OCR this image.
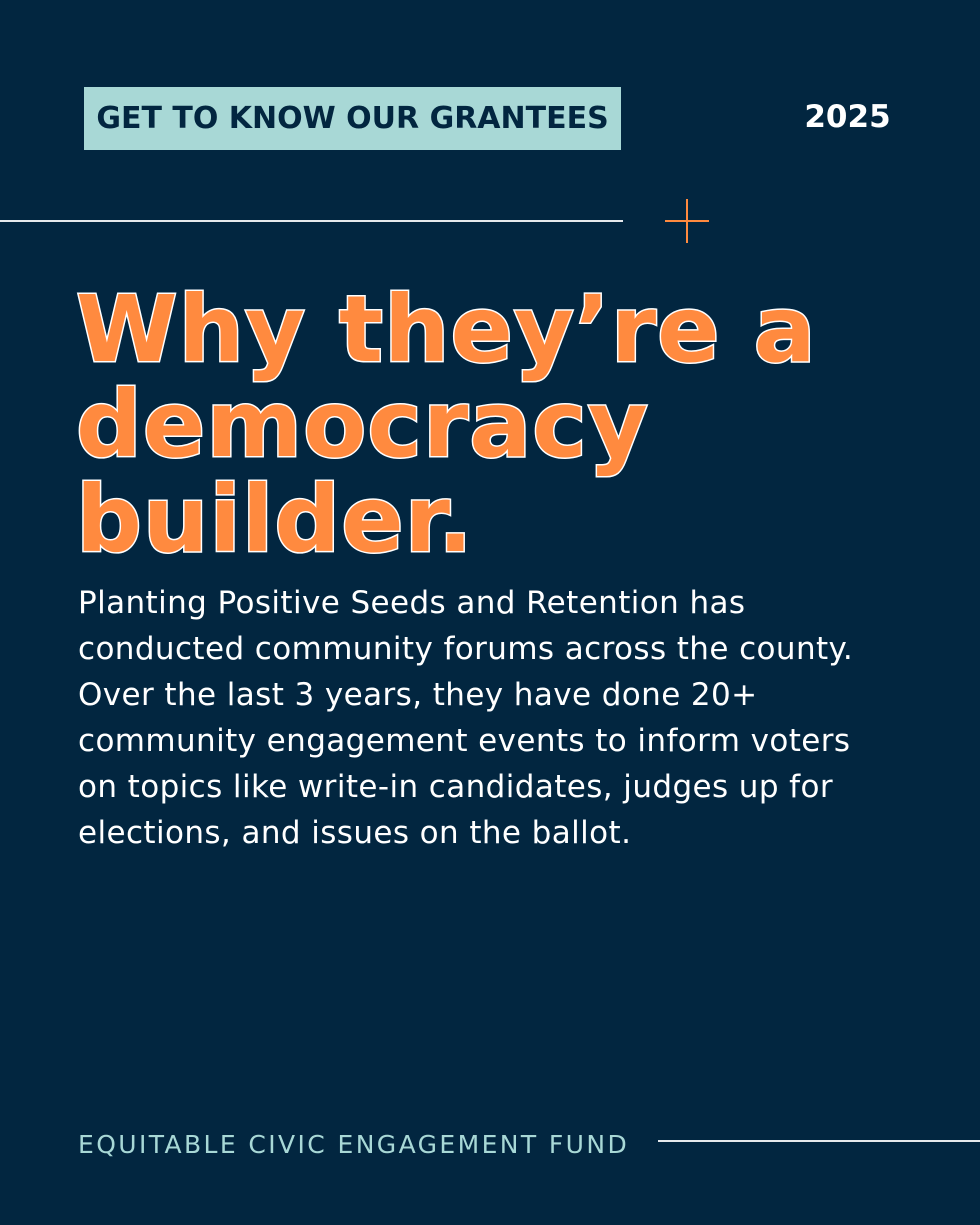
GET TO KNOW OUR GRANTEES	2025
Why they’re a
democracy
builder.

Planting Positive Seeds and Retention has conducted community forums across the county. Over the last 3 years, they have done 20+ community engagement events to inform voters on topics like write-in candidates, judges up for elections, and issues on the ballot.

EQUITABLE CIVIC ENGAGEMENT FUND
